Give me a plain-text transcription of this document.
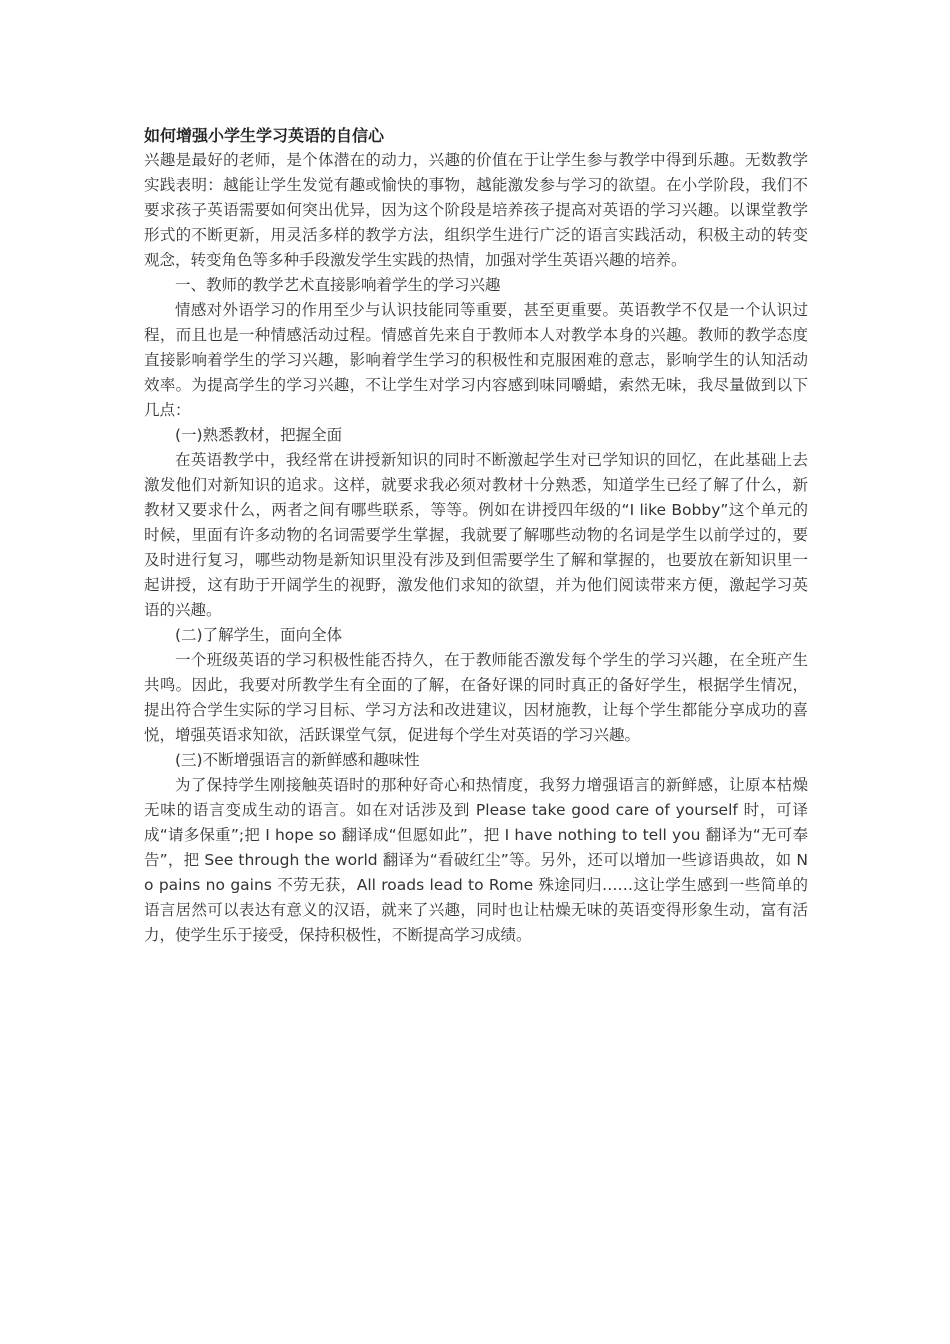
如何增强小学生学习英语的自信心

兴趣是最好的老师，是个体潜在的动力，兴趣的价值在于让学生参与教学中得到乐趣。无数教学实践表明：越能让学生发觉有趣或愉快的事物，越能激发参与学习的欲望。在小学阶段，我们不要求孩子英语需要如何突出优异，因为这个阶段是培养孩子提高对英语的学习兴趣。以课堂教学形式的不断更新，用灵活多样的教学方法，组织学生进行广泛的语言实践活动，积极主动的转变观念，转变角色等多种手段激发学生实践的热情，加强对学生英语兴趣的培养。

一、教师的教学艺术直接影响着学生的学习兴趣

情感对外语学习的作用至少与认识技能同等重要，甚至更重要。英语教学不仅是一个认识过程，而且也是一种情感活动过程。情感首先来自于教师本人对教学本身的兴趣。教师的教学态度直接影响着学生的学习兴趣，影响着学生学习的积极性和克服困难的意志，影响学生的认知活动效率。为提高学生的学习兴趣，不让学生对学习内容感到味同嚼蜡，索然无味，我尽量做到以下几点：

(一)熟悉教材，把握全面

在英语教学中，我经常在讲授新知识的同时不断激起学生对已学知识的回忆，在此基础上去激发他们对新知识的追求。这样，就要求我必须对教材十分熟悉，知道学生已经了解了什么，新教材又要求什么，两者之间有哪些联系，等等。例如在讲授四年级的“I like Bobby”这个单元的时候，里面有许多动物的名词需要学生掌握，我就要了解哪些动物的名词是学生以前学过的，要及时进行复习，哪些动物是新知识里没有涉及到但需要学生了解和掌握的，也要放在新知识里一起讲授，这有助于开阔学生的视野，激发他们求知的欲望，并为他们阅读带来方便，激起学习英语的兴趣。

(二)了解学生，面向全体

一个班级英语的学习积极性能否持久，在于教师能否激发每个学生的学习兴趣，在全班产生共鸣。因此，我要对所教学生有全面的了解，在备好课的同时真正的备好学生，根据学生情况，提出符合学生实际的学习目标、学习方法和改进建议，因材施教，让每个学生都能分享成功的喜悦，增强英语求知欲，活跃课堂气氛，促进每个学生对英语的学习兴趣。

(三)不断增强语言的新鲜感和趣味性

为了保持学生刚接触英语时的那种好奇心和热情度，我努力增强语言的新鲜感，让原本枯燥无味的语言变成生动的语言。如在对话涉及到 Please take good care of yourself 时，可译成“请多保重”;把 I hope so 翻译成“但愿如此”，把 I have nothing to tell you 翻译为“无可奉告”，把 See through the world 翻译为“看破红尘”等。另外，还可以增加一些谚语典故，如 No pains no gains 不劳无获，All roads lead to Rome 殊途同归……这让学生感到一些简单的语言居然可以表达有意义的汉语，就来了兴趣，同时也让枯燥无味的英语变得形象生动，富有活力，使学生乐于接受，保持积极性，不断提高学习成绩。
